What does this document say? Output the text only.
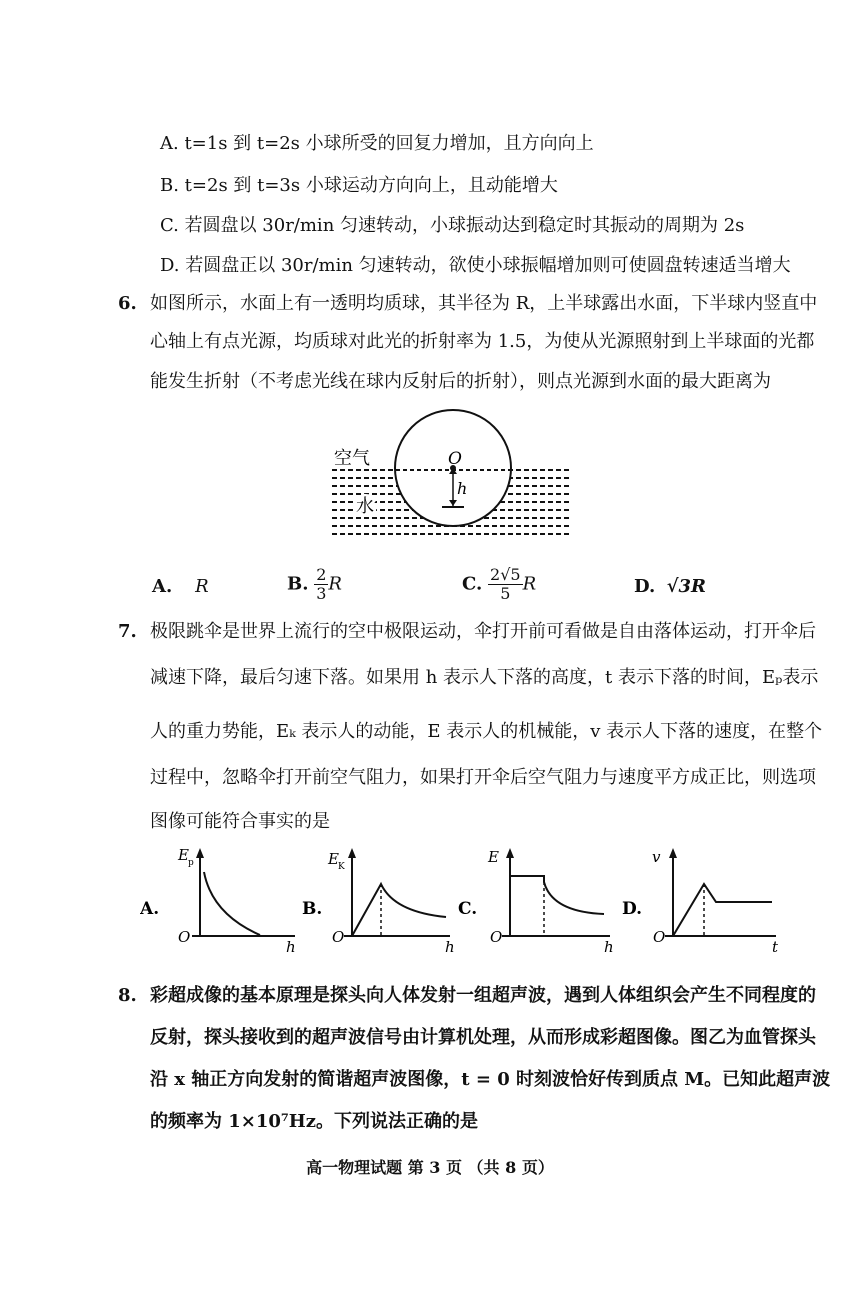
A. t=1s 到 t=2s 小球所受的回复力增加，且方向向上
B. t=2s 到 t=3s 小球运动方向向上，且动能增大
C. 若圆盘以 30r/min 匀速转动，小球振动达到稳定时其振动的周期为 2s
D. 若圆盘正以 30r/min 匀速转动，欲使小球振幅增加则可使圆盘转速适当增大
6. 如图所示，水面上有一透明均质球，其半径为 R，上半球露出水面，下半球内竖直中
心轴上有点光源，均质球对此光的折射率为 1.5，为使从光源照射到上半球面的光都
能发生折射（不考虑光线在球内反射后的折射），则点光源到水面的最大距离为
空气
水
O
h
A. R	B. $\frac{2}{3}$ R	C. $\frac{2√5}{5}$ R	D. √3R
7. 极限跳伞是世界上流行的空中极限运动，伞打开前可看做是自由落体运动，打开伞后
减速下降，最后匀速下落。如果用 h 表示人下落的高度，t 表示下落的时间，Eₚ表示
人的重力势能，Eₖ 表示人的动能，E 表示人的机械能，v 表示人下落的速度，在整个
过程中，忽略伞打开前空气阻力，如果打开伞后空气阻力与速度平方成正比，则选项
图像可能符合事实的是
A.
E p
O
h
B.
E K
O
h
C.
E
O
h
D.
v
O
t
8. 彩超成像的基本原理是探头向人体发射一组超声波，遇到人体组织会产生不同程度的
反射，探头接收到的超声波信号由计算机处理，从而形成彩超图像。图乙为血管探头
沿 x 轴正方向发射的简谐超声波图像，t = 0 时刻波恰好传到质点 M。已知此超声波
的频率为 1×10⁷Hz。下列说法正确的是
高一物理试题 第 3 页 （共 8 页）
